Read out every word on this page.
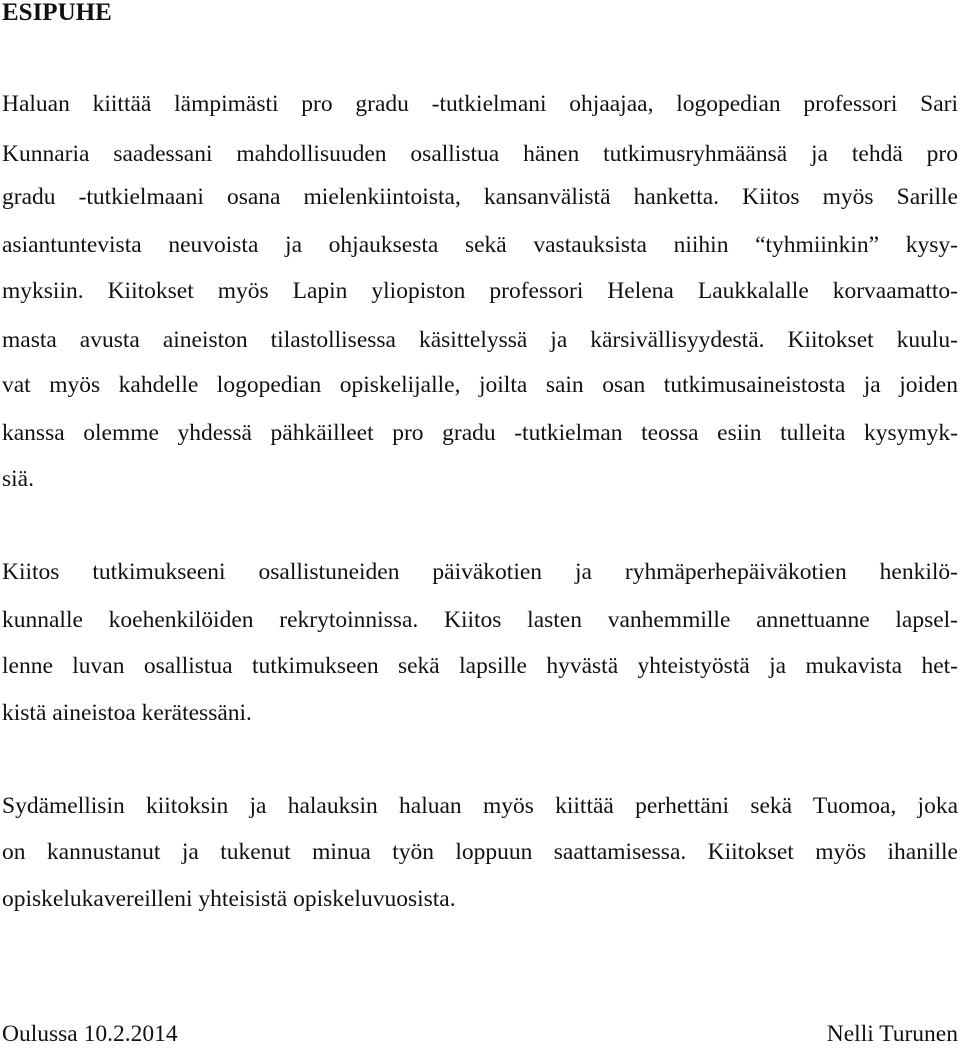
ESIPUHE

Haluan kiittää lämpimästi pro gradu -tutkielmani ohjaajaa, logopedian professori Sari

Kunnaria saadessani mahdollisuuden osallistua hänen tutkimusryhmäänsä ja tehdä pro

gradu -tutkielmaani osana mielenkiintoista, kansanvälistä hanketta. Kiitos myös Sarille

asiantuntevista neuvoista ja ohjauksesta sekä vastauksista niihin “tyhmiinkin” kysy-

myksiin. Kiitokset myös Lapin yliopiston professori Helena Laukkalalle korvaamatto-

masta avusta aineiston tilastollisessa käsittelyssä ja kärsivällisyydestä. Kiitokset kuulu-

vat myös kahdelle logopedian opiskelijalle, joilta sain osan tutkimusaineistosta ja joiden

kanssa olemme yhdessä pähkäilleet pro gradu -tutkielman teossa esiin tulleita kysymyk-

siä.

Kiitos tutkimukseeni osallistuneiden päiväkotien ja ryhmäperhepäiväkotien henkilö-

kunnalle koehenkilöiden rekrytoinnissa. Kiitos lasten vanhemmille annettuanne lapsel-

lenne luvan osallistua tutkimukseen sekä lapsille hyvästä yhteistyöstä ja mukavista het-

kistä aineistoa kerätessäni.

Sydämellisin kiitoksin ja halauksin haluan myös kiittää perhettäni sekä Tuomoa, joka

on kannustanut ja tukenut minua työn loppuun saattamisessa. Kiitokset myös ihanille

opiskelukavereilleni yhteisistä opiskeluvuosista.

Oulussa 10.2.2014	Nelli Turunen
